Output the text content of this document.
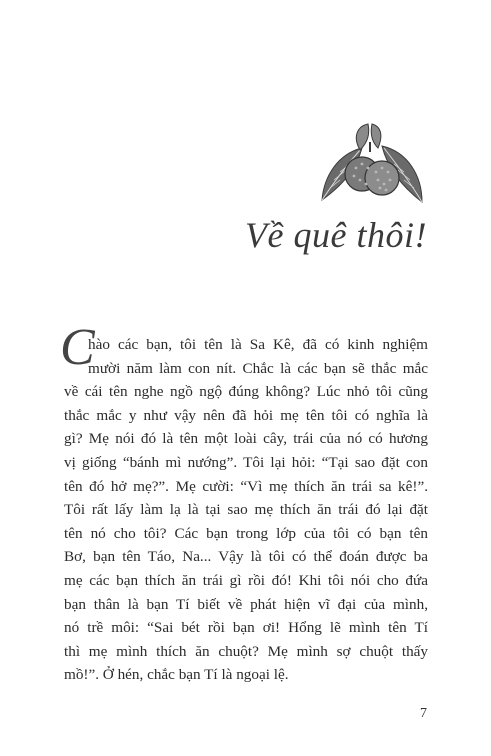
Về quê thôi!
C
hào các bạn, tôi tên là Sa Kê, đã có kinh nghiệm
mười năm làm con nít. Chắc là các bạn sẽ thắc mắc
về cái tên nghe ngồ ngộ đúng không? Lúc nhỏ tôi cũng
thắc mắc y như vậy nên đã hỏi mẹ tên tôi có nghĩa là
gì? Mẹ nói đó là tên một loài cây, trái của nó có hương
vị giống “bánh mì nướng”. Tôi lại hỏi: “Tại sao đặt con
tên đó hở mẹ?”. Mẹ cười: “Vì mẹ thích ăn trái sa kê!”.
Tôi rất lấy làm lạ là tại sao mẹ thích ăn trái đó lại đặt
tên nó cho tôi? Các bạn trong lớp của tôi có bạn tên
Bơ, bạn tên Táo, Na... Vậy là tôi có thể đoán được ba
mẹ các bạn thích ăn trái gì rồi đó! Khi tôi nói cho đứa
bạn thân là bạn Tí biết về phát hiện vĩ đại của mình,
nó trề môi: “Sai bét rồi bạn ơi! Hổng lẽ mình tên Tí
thì mẹ mình thích ăn chuột? Mẹ mình sợ chuột thấy
mồ!”. Ở hén, chắc bạn Tí là ngoại lệ.
7
